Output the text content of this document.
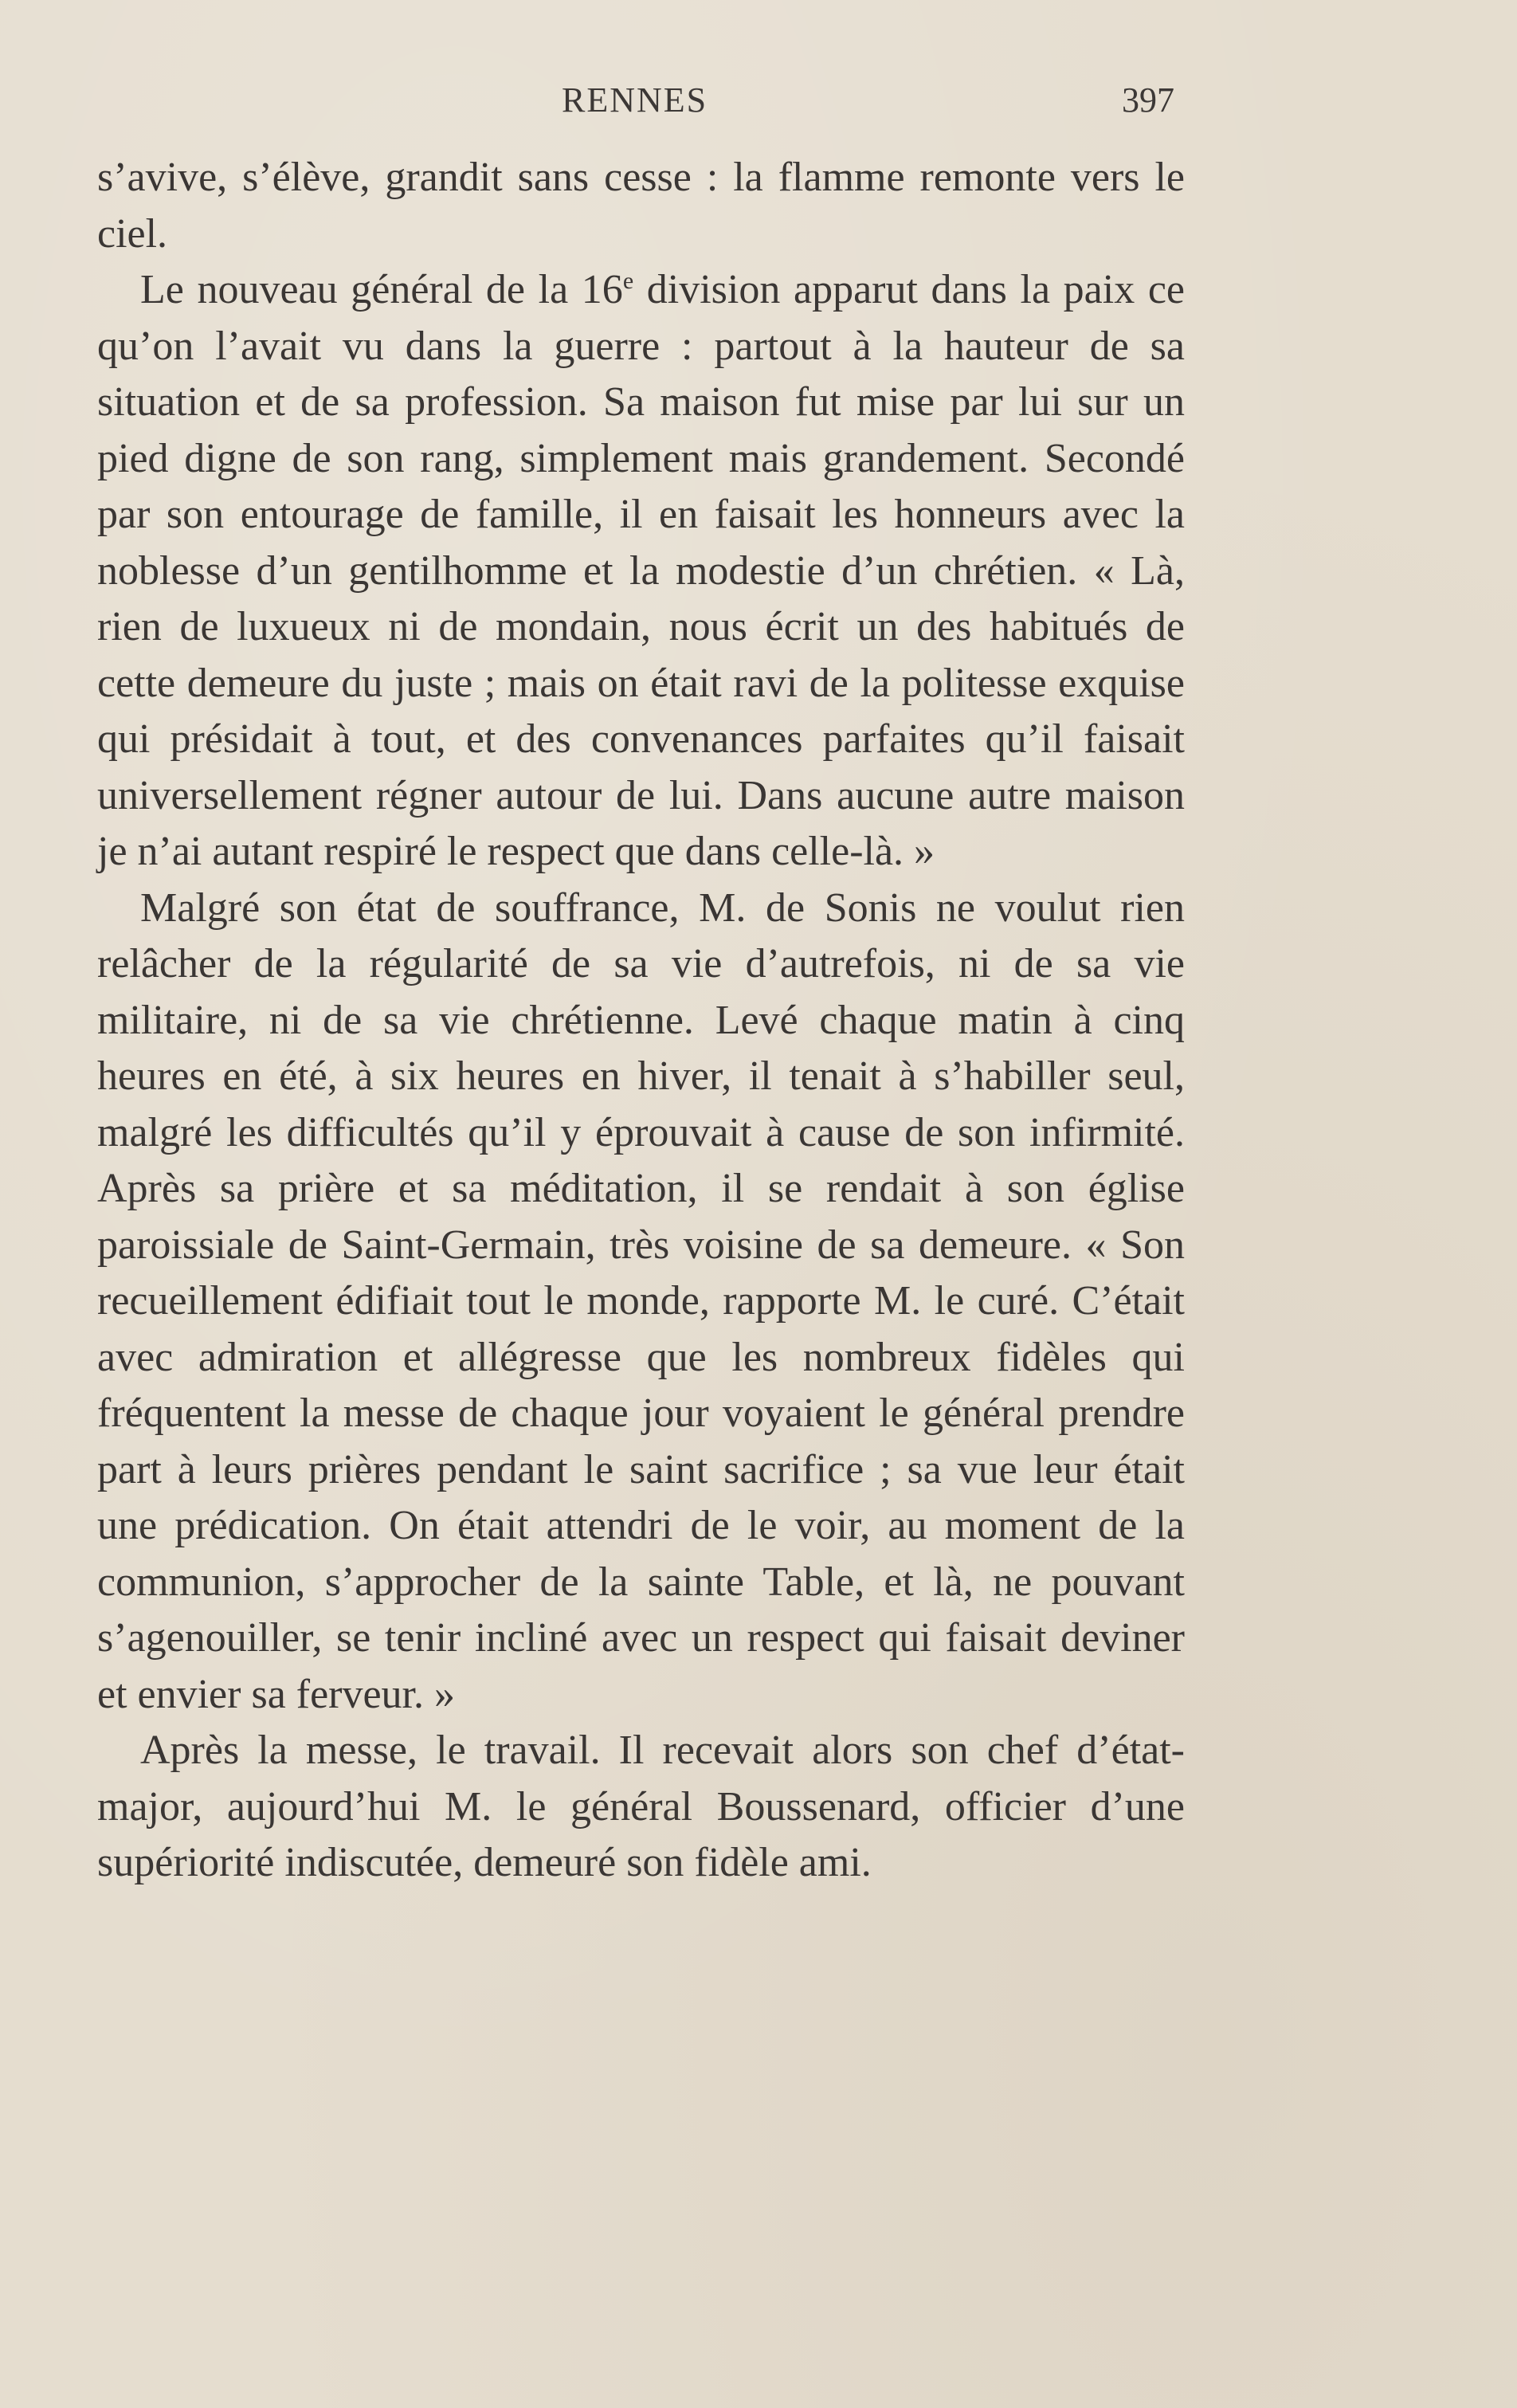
RENNES	397

s’avive, s’élève, grandit sans cesse : la flamme remonte vers le ciel.

Le nouveau général de la 16e division apparut dans la paix ce qu’on l’avait vu dans la guerre : partout à la hauteur de sa situation et de sa profession. Sa maison fut mise par lui sur un pied digne de son rang, simplement mais grandement. Secondé par son entourage de famille, il en faisait les honneurs avec la noblesse d’un gentilhomme et la modestie d’un chrétien. « Là, rien de luxueux ni de mondain, nous écrit un des habitués de cette demeure du juste ; mais on était ravi de la politesse exquise qui présidait à tout, et des convenances parfaites qu’il faisait universellement régner autour de lui. Dans aucune autre maison je n’ai autant respiré le respect que dans celle-là. »

Malgré son état de souffrance, M. de Sonis ne voulut rien relâcher de la régularité de sa vie d’autrefois, ni de sa vie militaire, ni de sa vie chrétienne. Levé chaque matin à cinq heures en été, à six heures en hiver, il tenait à s’habiller seul, malgré les difficultés qu’il y éprouvait à cause de son infirmité. Après sa prière et sa méditation, il se rendait à son église paroissiale de Saint-Germain, très voisine de sa demeure. « Son recueillement édifiait tout le monde, rapporte M. le curé. C’était avec admiration et allégresse que les nombreux fidèles qui fréquentent la messe de chaque jour voyaient le général prendre part à leurs prières pendant le saint sacrifice ; sa vue leur était une prédication. On était attendri de le voir, au moment de la communion, s’approcher de la sainte Table, et là, ne pouvant s’agenouiller, se tenir incliné avec un respect qui faisait deviner et envier sa ferveur. »

Après la messe, le travail. Il recevait alors son chef d’état-major, aujourd’hui M. le général Boussenard, officier d’une supériorité indiscutée, demeuré son fidèle ami.
